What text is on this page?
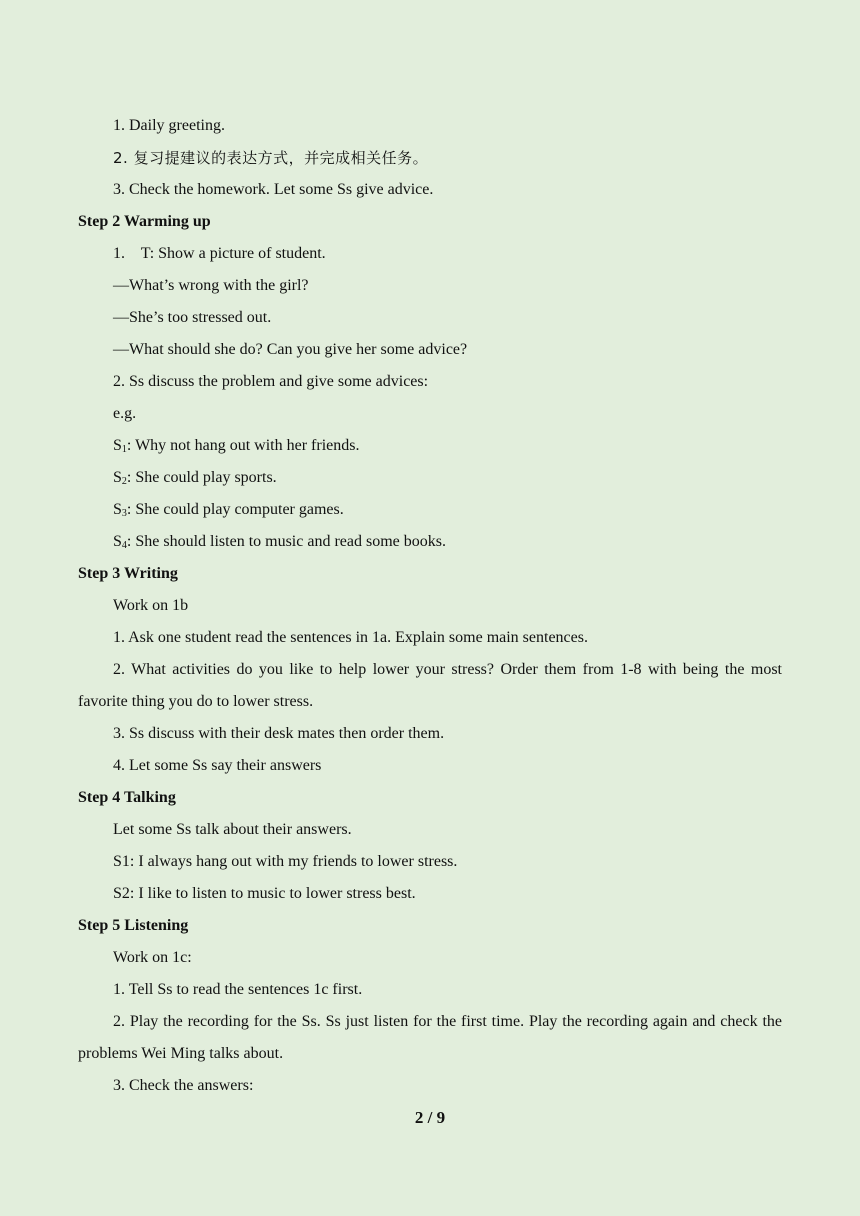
1. Daily greeting.
2. 复习提建议的表达方式，并完成相关任务。
3. Check the homework. Let some Ss give advice.
Step 2 Warming up
1.    T: Show a picture of student.
—What’s wrong with the girl?
—She’s too stressed out.
—What should she do? Can you give her some advice?
2. Ss discuss the problem and give some advices:
e.g.
$S_1$: Why not hang out with her friends.
$S_2$: She could play sports.
$S_3$: She could play computer games.
$S_4$: She should listen to music and read some books.
Step 3 Writing
Work on 1b
1. Ask one student read the sentences in 1a. Explain some main sentences.

2. What activities do you like to help lower your stress? Order them from 1-8 with being the most favorite thing you do to lower stress.

3. Ss discuss with their desk mates then order them.
4. Let some Ss say their answers
Step 4 Talking
Let some Ss talk about their answers.
S1: I always hang out with my friends to lower stress.
S2: I like to listen to music to lower stress best.
Step 5 Listening
Work on 1c:
1. Tell Ss to read the sentences 1c first.

2. Play the recording for the Ss. Ss just listen for the first time. Play the recording again and check the problems Wei Ming talks about.

3. Check the answers:
2 / 9
